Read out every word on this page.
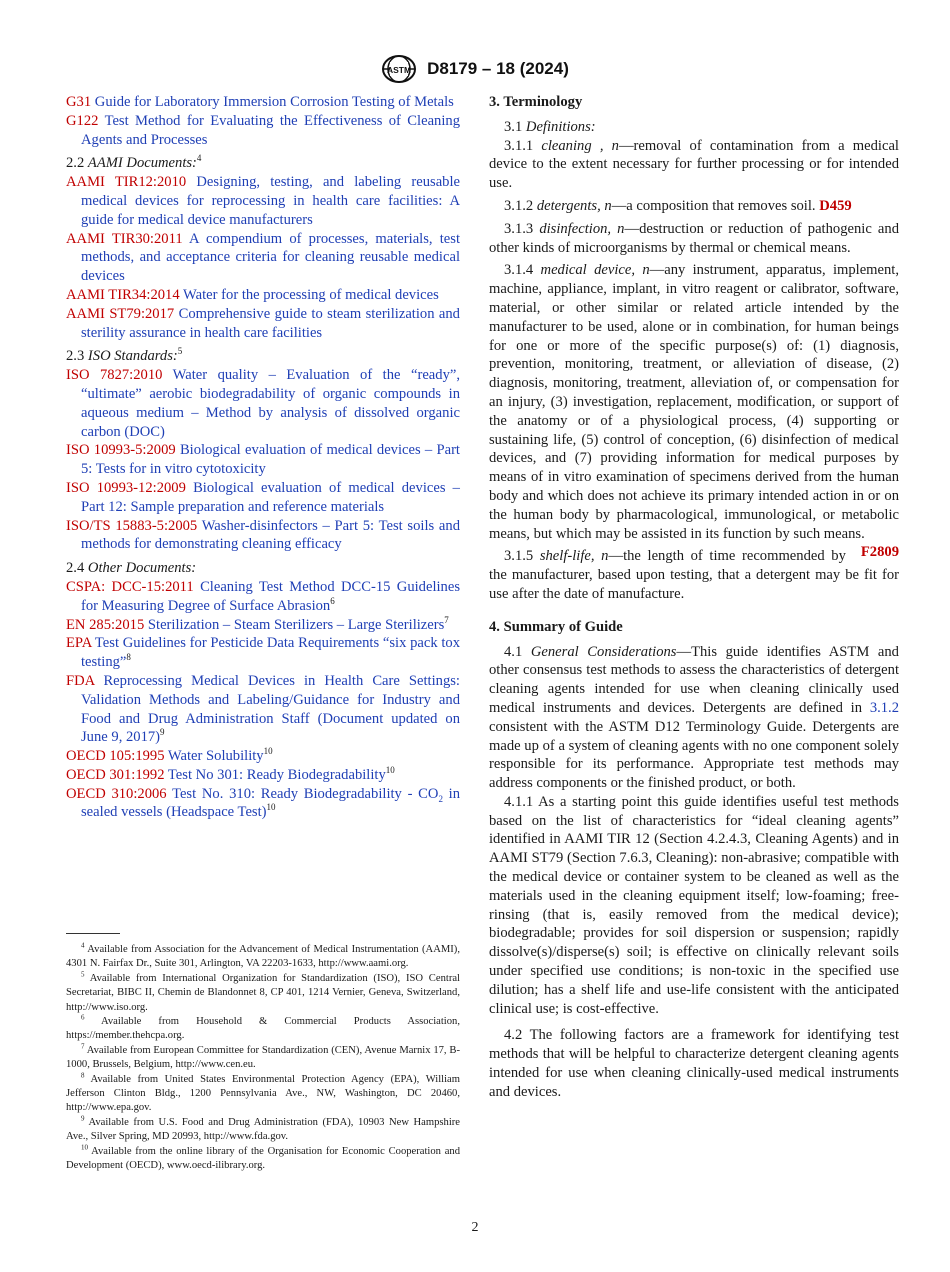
ASTM D8179 – 18 (2024)

G31 Guide for Laboratory Immersion Corrosion Testing of Metals

G122 Test Method for Evaluating the Effectiveness of Cleaning Agents and Processes

2.2 AAMI Documents:$^4$

AAMI TIR12:2010 Designing, testing, and labeling reusable medical devices for reprocessing in health care facilities: A guide for medical device manufacturers

AAMI TIR30:2011 A compendium of processes, materials, test methods, and acceptance criteria for cleaning reusable medical devices

AAMI TIR34:2014 Water for the processing of medical devices

AAMI ST79:2017 Comprehensive guide to steam sterilization and sterility assurance in health care facilities

2.3 ISO Standards:$^5$

ISO 7827:2010 Water quality – Evaluation of the “ready”, “ultimate” aerobic biodegradability of organic compounds in aqueous medium – Method by analysis of dissolved organic carbon (DOC)

ISO 10993-5:2009 Biological evaluation of medical devices – Part 5: Tests for in vitro cytotoxicity

ISO 10993-12:2009 Biological evaluation of medical devices – Part 12: Sample preparation and reference materials

ISO/TS 15883-5:2005 Washer-disinfectors – Part 5: Test soils and methods for demonstrating cleaning efficacy

2.4 Other Documents:

CSPA: DCC-15:2011 Cleaning Test Method DCC-15 Guidelines for Measuring Degree of Surface Abrasion$^6$

EN 285:2015 Sterilization – Steam Sterilizers – Large Sterilizers$^7$

EPA Test Guidelines for Pesticide Data Requirements “six pack tox testing”$^8$

FDA Reprocessing Medical Devices in Health Care Settings: Validation Methods and Labeling/Guidance for Industry and Food and Drug Administration Staff (Document updated on June 9, 2017)$^9$

OECD 105:1995 Water Solubility$^{10}$

OECD 301:1992 Test No 301: Ready Biodegradability$^{10}$

OECD 310:2006 Test No. 310: Ready Biodegradability - $CO_2$ in sealed vessels (Headspace Test)$^{10}$

$^4$ Available from Association for the Advancement of Medical Instrumentation (AAMI), 4301 N. Fairfax Dr., Suite 301, Arlington, VA 22203-1633, http://www.aami.org.

$^5$ Available from International Organization for Standardization (ISO), ISO Central Secretariat, BIBC II, Chemin de Blandonnet 8, CP 401, 1214 Vernier, Geneva, Switzerland, http://www.iso.org.

$^6$ Available from Household & Commercial Products Association, https://member.thehcpa.org.

$^7$ Available from European Committee for Standardization (CEN), Avenue Marnix 17, B-1000, Brussels, Belgium, http://www.cen.eu.

$^8$ Available from United States Environmental Protection Agency (EPA), William Jefferson Clinton Bldg., 1200 Pennsylvania Ave., NW, Washington, DC 20460, http://www.epa.gov.

$^9$ Available from U.S. Food and Drug Administration (FDA), 10903 New Hampshire Ave., Silver Spring, MD 20993, http://www.fda.gov.

$^{10}$ Available from the online library of the Organisation for Economic Cooperation and Development (OECD), www.oecd-ilibrary.org.

3. Terminology

3.1 Definitions:

3.1.1 cleaning , n—removal of contamination from a medical device to the extent necessary for further processing or for intended use.

3.1.2 detergents, n—a composition that removes soil. D459

3.1.3 disinfection, n—destruction or reduction of pathogenic and other kinds of microorganisms by thermal or chemical means.

3.1.4 medical device, n—any instrument, apparatus, implement, machine, appliance, implant, in vitro reagent or calibrator, software, material, or other similar or related article intended by the manufacturer to be used, alone or in combination, for human beings for one or more of the specific purpose(s) of: (1) diagnosis, prevention, monitoring, treatment, or alleviation of disease, (2) diagnosis, monitoring, treatment, alleviation of, or compensation for an injury, (3) investigation, replacement, modification, or support of the anatomy or of a physiological process, (4) supporting or sustaining life, (5) control of conception, (6) disinfection of medical devices, and (7) providing information for medical purposes by means of in vitro examination of specimens derived from the human body and which does not achieve its primary intended action in or on the human body by pharmacological, immunological, or metabolic means, but which may be assisted in its function by such means.
F2809

3.1.5 shelf-life, n—the length of time recommended by the manufacturer, based upon testing, that a detergent may be fit for use after the date of manufacture.

4. Summary of Guide

4.1 General Considerations—This guide identifies ASTM and other consensus test methods to assess the characteristics of detergent cleaning agents intended for use when cleaning clinically used medical instruments and devices. Detergents are defined in 3.1.2 consistent with the ASTM D12 Terminology Guide. Detergents are made up of a system of cleaning agents with no one component solely responsible for its performance. Appropriate test methods may address components or the finished product, or both.

4.1.1 As a starting point this guide identifies useful test methods based on the list of characteristics for “ideal cleaning agents” identified in AAMI TIR 12 (Section 4.2.4.3, Cleaning Agents) and in AAMI ST79 (Section 7.6.3, Cleaning): non-abrasive; compatible with the medical device or container system to be cleaned as well as the materials used in the cleaning equipment itself; low-foaming; free-rinsing (that is, easily removed from the medical device); biodegradable; provides for soil dispersion or suspension; rapidly dissolve(s)/disperse(s) soil; is effective on clinically relevant soils under specified use conditions; is non-toxic in the specified use dilution; has a shelf life and use-life consistent with the anticipated clinical use; is cost-effective.

4.2 The following factors are a framework for identifying test methods that will be helpful to characterize detergent cleaning agents intended for use when cleaning clinically-used medical instruments and devices.

2
